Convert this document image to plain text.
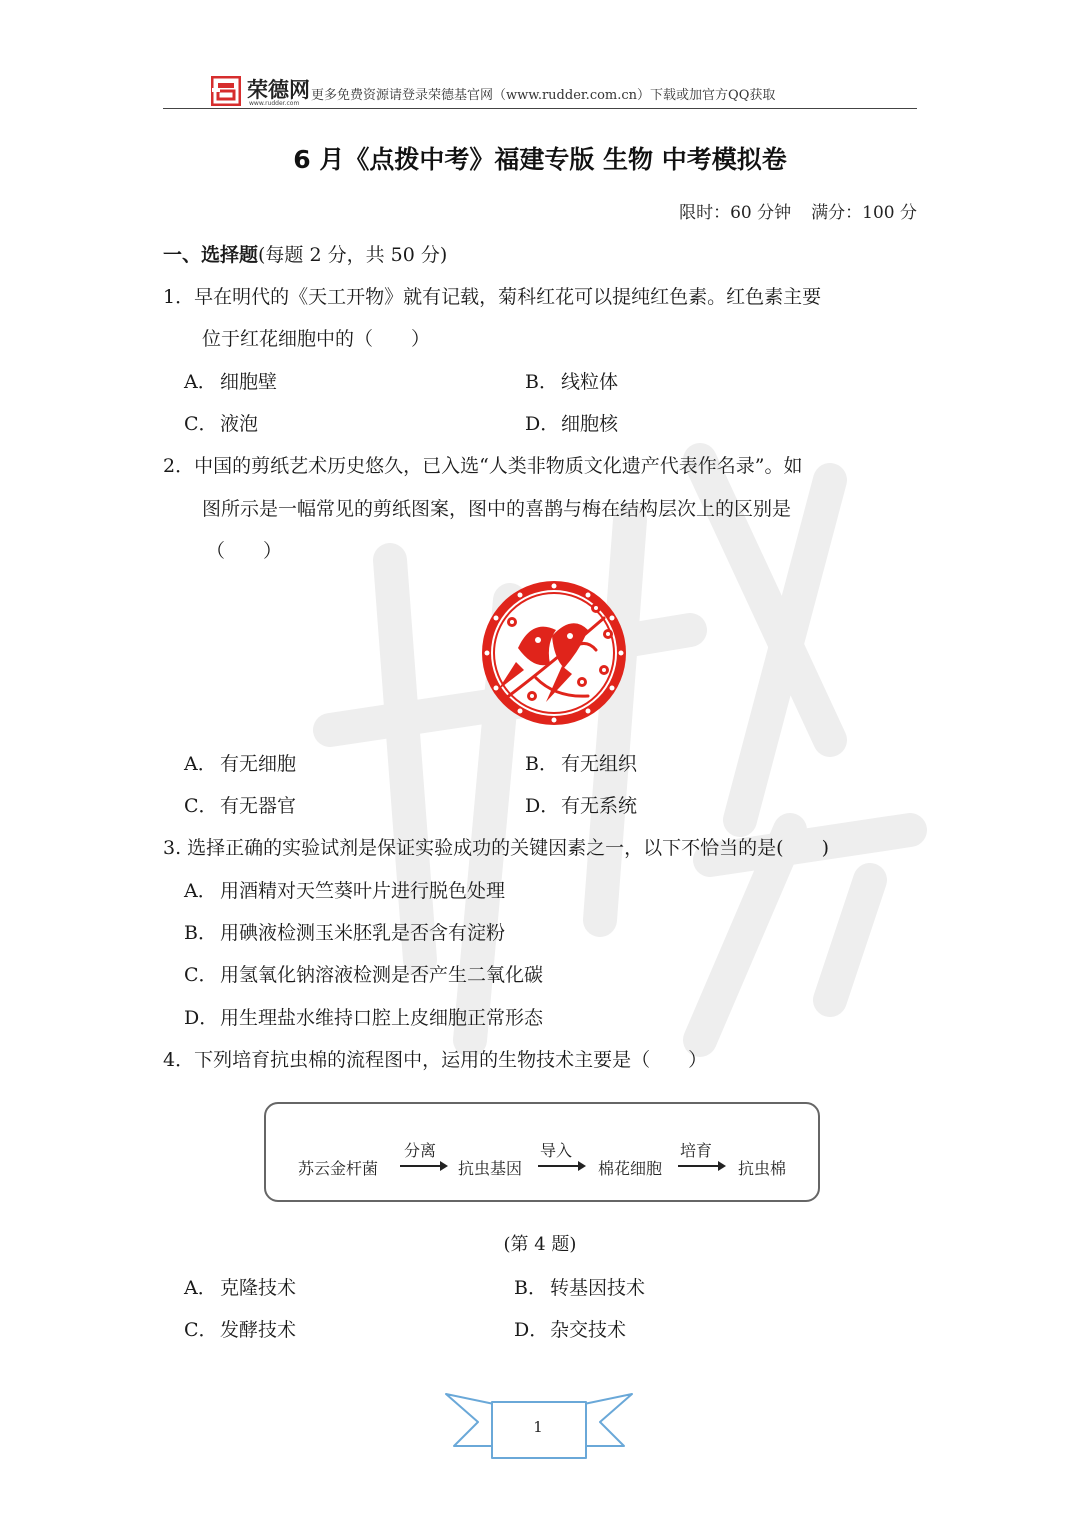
荣德网
www.rudder.com
更多免费资源请登录荣德基官网（www.rudder.com.cn）下载或加官方QQ获取
6 月《点拨中考》福建专版 生物 中考模拟卷
限时：60 分钟 满分：100 分
一、选择题(每题 2 分，共 50 分)
1．早在明代的《天工开物》就有记载，菊科红花可以提纯红色素。红色素主要
位于红花细胞中的（　　）
A． 细胞壁	B． 线粒体
C． 液泡	D．细胞核
2．中国的剪纸艺术历史悠久，已入选“人类非物质文化遗产代表作名录”。如
图所示是一幅常见的剪纸图案，图中的喜鹊与梅在结构层次上的区别是
（　　）
A． 有无细胞	B． 有无组织
C． 有无器官	D．有无系统
3. 选择正确的实验试剂是保证实验成功的关键因素之一，以下不恰当的是(　　)
A． 用酒精对天竺葵叶片进行脱色处理
B． 用碘液检测玉米胚乳是否含有淀粉
C． 用氢氧化钠溶液检测是否产生二氧化碳
D．用生理盐水维持口腔上皮细胞正常形态
4．下列培育抗虫棉的流程图中，运用的生物技术主要是（　　）
苏云金杆菌
分离
抗虫基因
导入
棉花细胞
培育
抗虫棉
(第 4 题)
A． 克隆技术	B． 转基因技术
C． 发酵技术	D．杂交技术
1
